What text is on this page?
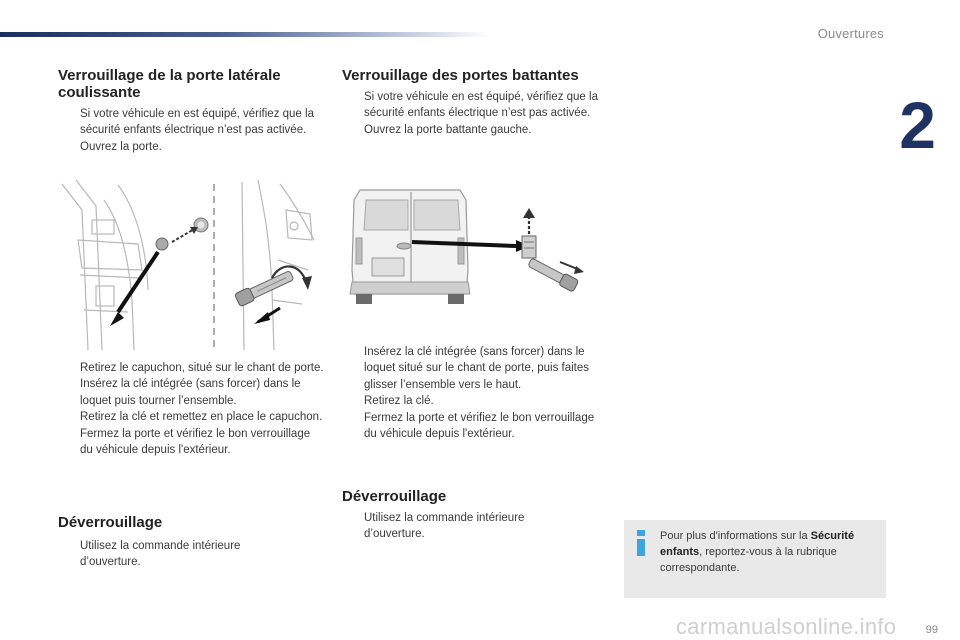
Ouvertures
2
Verrouillage de la porte latérale coulissante
Si votre véhicule en est équipé, vérifiez que la sécurité enfants électrique n’est pas activée.
Ouvrez la porte.
Retirez le capuchon, situé sur le chant de porte.
Insérez la clé intégrée (sans forcer) dans le loquet puis tourner l’ensemble.
Retirez la clé et remettez en place le capuchon.
Fermez la porte et vérifiez le bon verrouillage du véhicule depuis l'extérieur.
Déverrouillage
Utilisez la commande intérieure d’ouverture.
Verrouillage des portes battantes
Si votre véhicule en est équipé, vérifiez que la sécurité enfants électrique n’est pas activée.
Ouvrez la porte battante gauche.
Insérez la clé intégrée (sans forcer) dans le loquet situé sur le chant de porte, puis faites glisser l’ensemble vers le haut.
Retirez la clé.
Fermez la porte et vérifiez le bon verrouillage du véhicule depuis l'extérieur.
Déverrouillage
Utilisez la commande intérieure d’ouverture.	Pour plus d'informations sur la Sécurité enfants, reportez-vous à la rubrique correspondante.
99
carmanualsonline.info
